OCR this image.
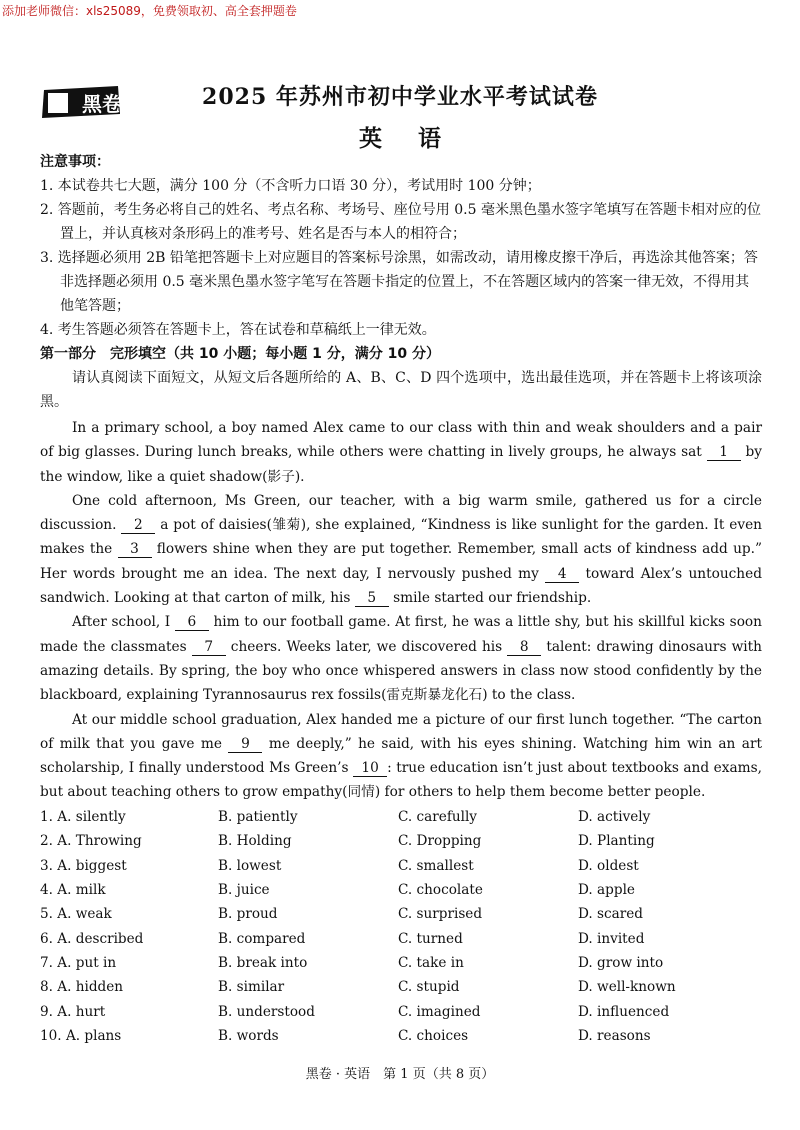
添加老师微信：xls25089，免费领取初、高全套押题卷
黑卷	2025 年苏州市初中学业水平考试试卷
英语
注意事项：
1. 本试卷共七大题，满分 100 分（不含听力口语 30 分），考试用时 100 分钟；
2. 答题前，考生务必将自己的姓名、考点名称、考场号、座位号用 0.5 毫米黑色墨水签字笔填写在答题卡相对应的位置上，并认真核对条形码上的准考号、姓名是否与本人的相符合；
3. 选择题必须用 2B 铅笔把答题卡上对应题目的答案标号涂黑，如需改动，请用橡皮擦干净后，再选涂其他答案；答非选择题必须用 0.5 毫米黑色墨水签字笔写在答题卡指定的位置上，不在答题区域内的答案一律无效，不得用其他笔答题；
4. 考生答题必须答在答题卡上，答在试卷和草稿纸上一律无效。
第一部分　完形填空（共 10 小题；每小题 1 分，满分 10 分）

请认真阅读下面短文，从短文后各题所给的 A、B、C、D 四个选项中，选出最佳选项，并在答题卡上将该项涂黑。

In a primary school, a boy named Alex came to our class with thin and weak shoulders and a pair of big glasses. During lunch breaks, while others were chatting in lively groups, he always sat 1 by the window, like a quiet shadow(影子).

One cold afternoon, Ms Green, our teacher, with a big warm smile, gathered us for a circle discussion. 2 a pot of daisies(雏菊), she explained, “Kindness is like sunlight for the garden. It even makes the 3 flowers shine when they are put together. Remember, small acts of kindness add up.” Her words brought me an idea. The next day, I nervously pushed my 4 toward Alex’s untouched sandwich. Looking at that carton of milk, his 5 smile started our friendship.

After school, I 6 him to our football game. At first, he was a little shy, but his skillful kicks soon made the classmates 7 cheers. Weeks later, we discovered his 8 talent: drawing dinosaurs with amazing details. By spring, the boy who once whispered answers in class now stood confidently by the blackboard, explaining Tyrannosaurus rex fossils(雷克斯暴龙化石) to the class.

At our middle school graduation, Alex handed me a picture of our first lunch together. “The carton of milk that you gave me 9 me deeply,” he said, with his eyes shining. Watching him win an art scholarship, I finally understood Ms Green’s 10 : true education isn’t just about textbooks and exams, but about teaching others to grow empathy(同情) for others to help them become better people.

1. A. silently	B. patiently	C. carefully	D. actively
2. A. Throwing	B. Holding	C. Dropping	D. Planting
3. A. biggest	B. lowest	C. smallest	D. oldest
4. A. milk	B. juice	C. chocolate	D. apple
5. A. weak	B. proud	C. surprised	D. scared
6. A. described	B. compared	C. turned	D. invited
7. A. put in	B. break into	C. take in	D. grow into
8. A. hidden	B. similar	C. stupid	D. well-known
9. A. hurt	B. understood	C. imagined	D. influenced
10. A. plans	B. words	C. choices	D. reasons
黑卷 · 英语　第 1 页（共 8 页）
